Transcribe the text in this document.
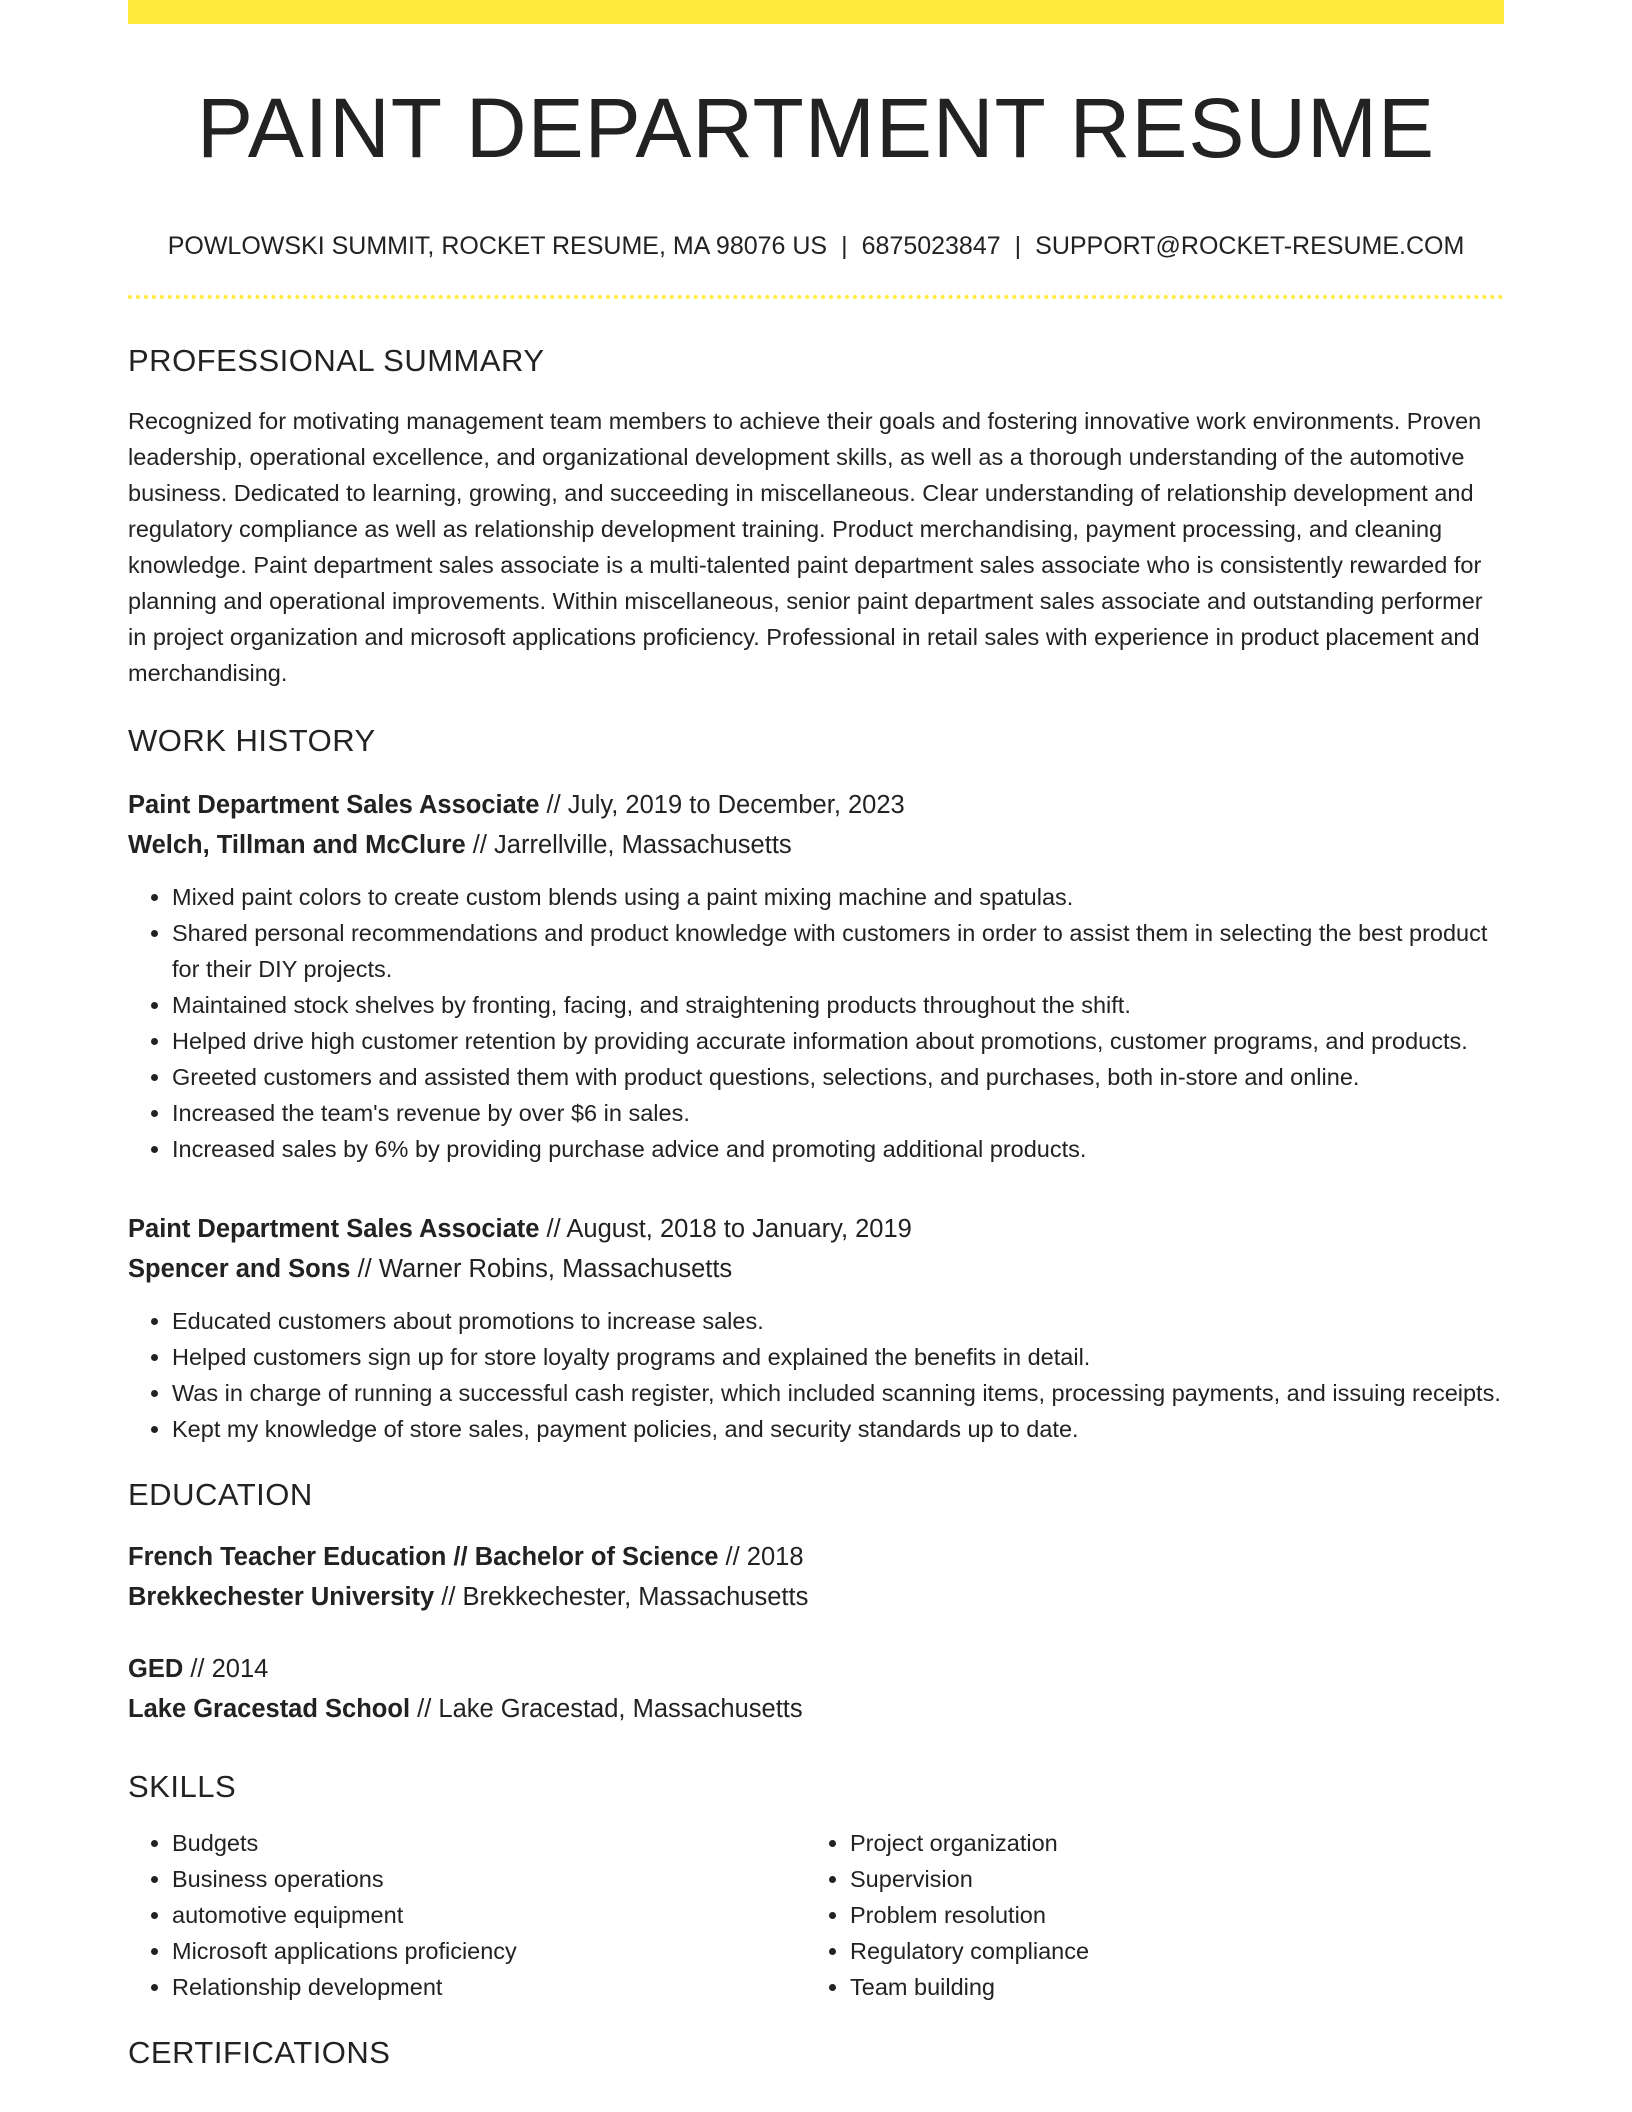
PAINT DEPARTMENT RESUME
POWLOWSKI SUMMIT, ROCKET RESUME, MA 98076 US | 6875023847 | SUPPORT@ROCKET-RESUME.COM
PROFESSIONAL SUMMARY

Recognized for motivating management team members to achieve their goals and fostering innovative work environments. Proven leadership, operational excellence, and organizational development skills, as well as a thorough understanding of the automotive business. Dedicated to learning, growing, and succeeding in miscellaneous. Clear understanding of relationship development and regulatory compliance as well as relationship development training. Product merchandising, payment processing, and cleaning knowledge. Paint department sales associate is a multi-talented paint department sales associate who is consistently rewarded for planning and operational improvements. Within miscellaneous, senior paint department sales associate and outstanding performer in project organization and microsoft applications proficiency. Professional in retail sales with experience in product placement and merchandising.

WORK HISTORY
Paint Department Sales Associate // July, 2019 to December, 2023
Welch, Tillman and McClure // Jarrellville, Massachusetts
• Mixed paint colors to create custom blends using a paint mixing machine and spatulas.
• Shared personal recommendations and product knowledge with customers in order to assist them in selecting the best product for their DIY projects.
• Maintained stock shelves by fronting, facing, and straightening products throughout the shift.
• Helped drive high customer retention by providing accurate information about promotions, customer programs, and products.
• Greeted customers and assisted them with product questions, selections, and purchases, both in-store and online.
• Increased the team's revenue by over $6 in sales.
• Increased sales by 6% by providing purchase advice and promoting additional products.
Paint Department Sales Associate // August, 2018 to January, 2019
Spencer and Sons // Warner Robins, Massachusetts
• Educated customers about promotions to increase sales.
• Helped customers sign up for store loyalty programs and explained the benefits in detail.
• Was in charge of running a successful cash register, which included scanning items, processing payments, and issuing receipts.
• Kept my knowledge of store sales, payment policies, and security standards up to date.
EDUCATION
French Teacher Education // Bachelor of Science // 2018
Brekkechester University // Brekkechester, Massachusetts
GED // 2014
Lake Gracestad School // Lake Gracestad, Massachusetts
SKILLS
• Budgets
• Business operations
• automotive equipment
• Microsoft applications proficiency
• Relationship development
• Project organization
• Supervision
• Problem resolution
• Regulatory compliance
• Team building
CERTIFICATIONS
